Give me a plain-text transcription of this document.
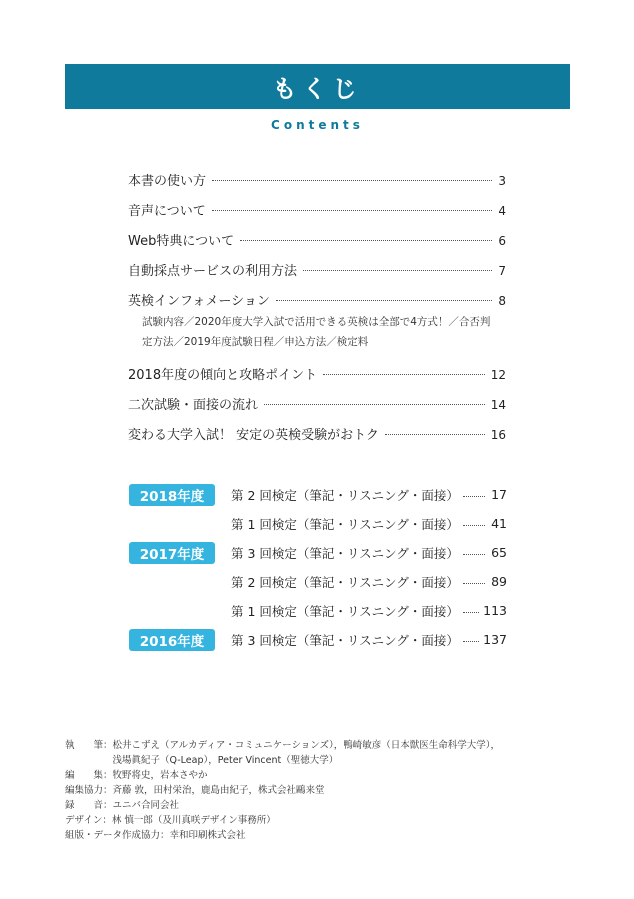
もくじ
Contents
本書の使い方	3
音声について	4
Web特典について	6
自動採点サービスの利用方法	7
英検インフォメーション	8
試験内容／2020年度大学入試で活用できる英検は全部で4方式！／合否判
定方法／2019年度試験日程／申込方法／検定料
2018年度の傾向と攻略ポイント	12
二次試験・面接の流れ	14
変わる大学入試！ 安定の英検受験がおトク	16
2018年度	第 2 回検定（筆記・リスニング・面接）	17
第 1 回検定（筆記・リスニング・面接）	41
2017年度	第 3 回検定（筆記・リスニング・面接）	65
第 2 回検定（筆記・リスニング・面接）	89
第 1 回検定（筆記・リスニング・面接） 113
2016年度	第 3 回検定（筆記・リスニング・面接） 137
執　　筆：松井こずえ（アルカディア・コミュニケーションズ），鴨崎敏彦（日本獣医生命科学大学），
　　　　　浅場眞紀子（Q-Leap），Peter Vincent（聖徳大学）
編　　集：牧野将史，岩本さやか
編集協力：斉藤 敦，田村栄治，鹿島由紀子，株式会社鷗来堂
録　　音：ユニバ合同会社
デザイン：林 慎一郎（及川真咲デザイン事務所）
組版・データ作成協力：幸和印刷株式会社
